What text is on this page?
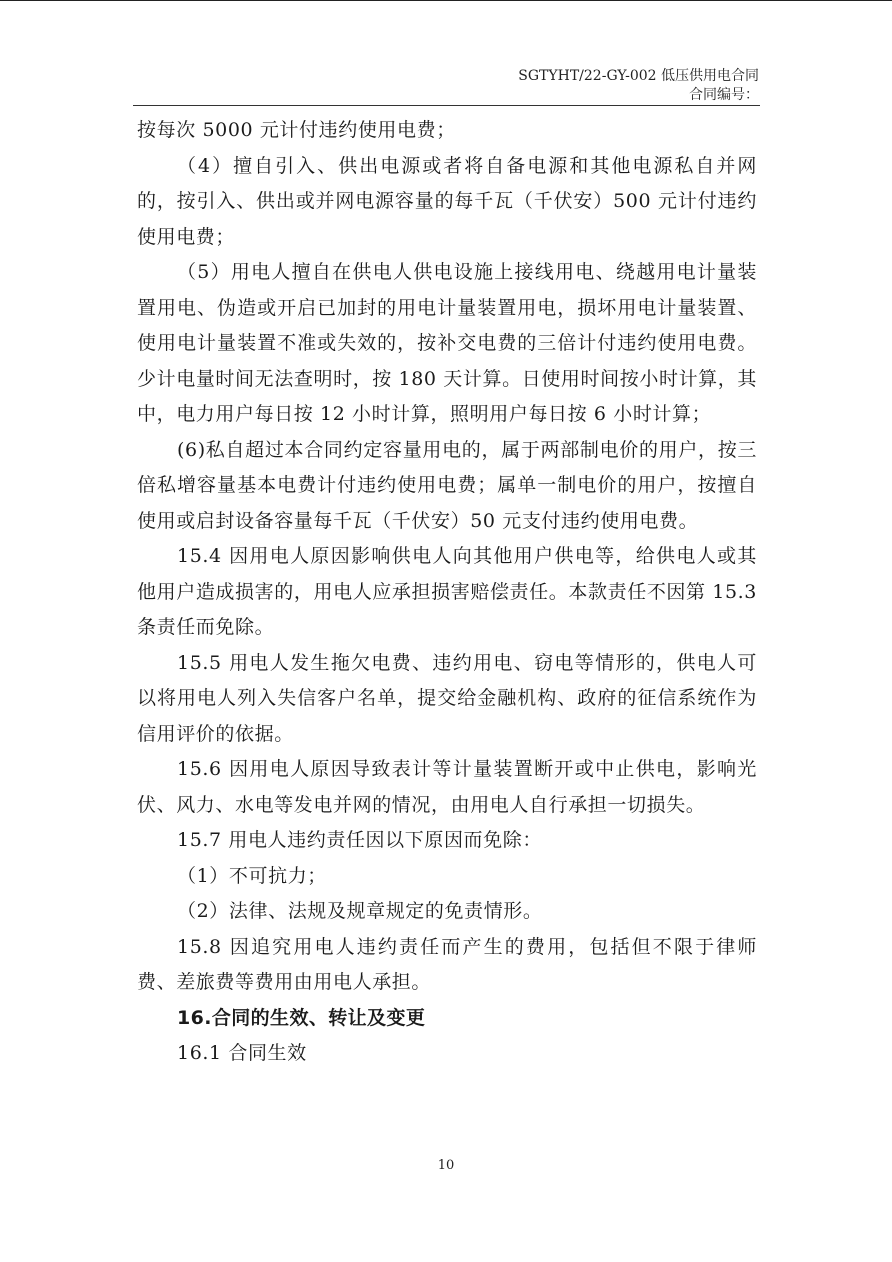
SGTYHT/22-GY-002 低压供用电合同
合同编号：

按每次 5000 元计付违约使用电费；

（4）擅自引入、供出电源或者将自备电源和其他电源私自并网的，按引入、供出或并网电源容量的每千瓦（千伏安）500 元计付违约使用电费；

（5）用电人擅自在供电人供电设施上接线用电、绕越用电计量装置用电、伪造或开启已加封的用电计量装置用电，损坏用电计量装置、使用电计量装置不准或失效的，按补交电费的三倍计付违约使用电费。少计电量时间无法查明时，按 180 天计算。日使用时间按小时计算，其中，电力用户每日按 12 小时计算，照明用户每日按 6 小时计算；

(6)私自超过本合同约定容量用电的，属于两部制电价的用户，按三倍私增容量基本电费计付违约使用电费；属单一制电价的用户，按擅自使用或启封设备容量每千瓦（千伏安）50 元支付违约使用电费。

15.4 因用电人原因影响供电人向其他用户供电等，给供电人或其他用户造成损害的，用电人应承担损害赔偿责任。本款责任不因第 15.3 条责任而免除。

15.5 用电人发生拖欠电费、违约用电、窃电等情形的，供电人可以将用电人列入失信客户名单，提交给金融机构、政府的征信系统作为信用评价的依据。

15.6 因用电人原因导致表计等计量装置断开或中止供电，影响光伏、风力、水电等发电并网的情况，由用电人自行承担一切损失。

15.7 用电人违约责任因以下原因而免除：

（1）不可抗力；

（2）法律、法规及规章规定的免责情形。

15.8 因追究用电人违约责任而产生的费用，包括但不限于律师费、差旅费等费用由用电人承担。

16.合同的生效、转让及变更

16.1 合同生效

10
